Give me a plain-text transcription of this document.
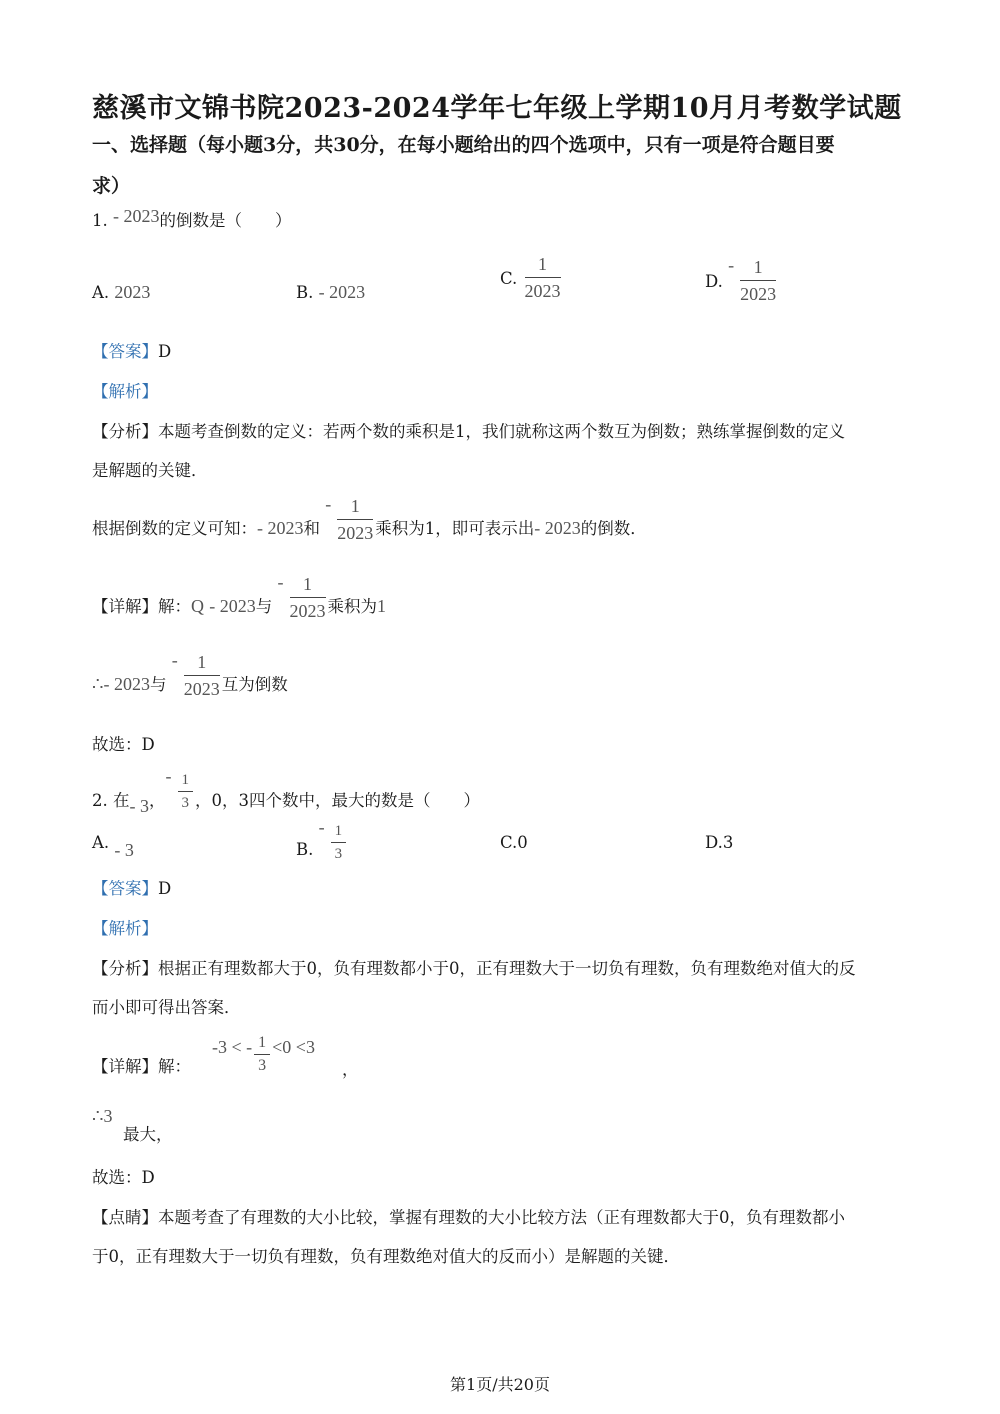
慈溪市文锦书院2023-2024学年七年级上学期10月月考数学试题
一、选择题（每小题3分，共30分，在每小题给出的四个选项中，只有一项是符合题目要
求）
1. - 2023的倒数是（　　）
A. 2023	B. - 2023
C. $\frac{1}{2023}$	D. - $\frac{1}{2023}$
【答案】D
【解析】
【分析】本题考查倒数的定义：若两个数的乘积是1，我们就称这两个数互为倒数；熟练掌握倒数的定义
是解题的关键．
根据倒数的定义可知：- 2023和 - $\frac{1}{2023}$ 乘积为1，即可表示出- 2023的倒数．
【详解】解：Q - 2023与 - $\frac{1}{2023}$ 乘积为1
∴- 2023与 - $\frac{1}{2023}$ 互为倒数
故选：D
2. 在- 3，- $\frac{1}{3}$ ，0，3四个数中，最大的数是（　　）
A. - 3	B. - $\frac{1}{3}$	C.0	D.3
【答案】D
【解析】
【分析】根据正有理数都大于0，负有理数都小于0，正有理数大于一切负有理数，负有理数绝对值大的反
而小即可得出答案．
【详解】解：
-3 < - $\frac{1}{3} <0 <3$
，
∴3
最大，
故选：D
【点睛】本题考查了有理数的大小比较，掌握有理数的大小比较方法（正有理数都大于0，负有理数都小
于0，正有理数大于一切负有理数，负有理数绝对值大的反而小）是解题的关键．
第1页/共20页
